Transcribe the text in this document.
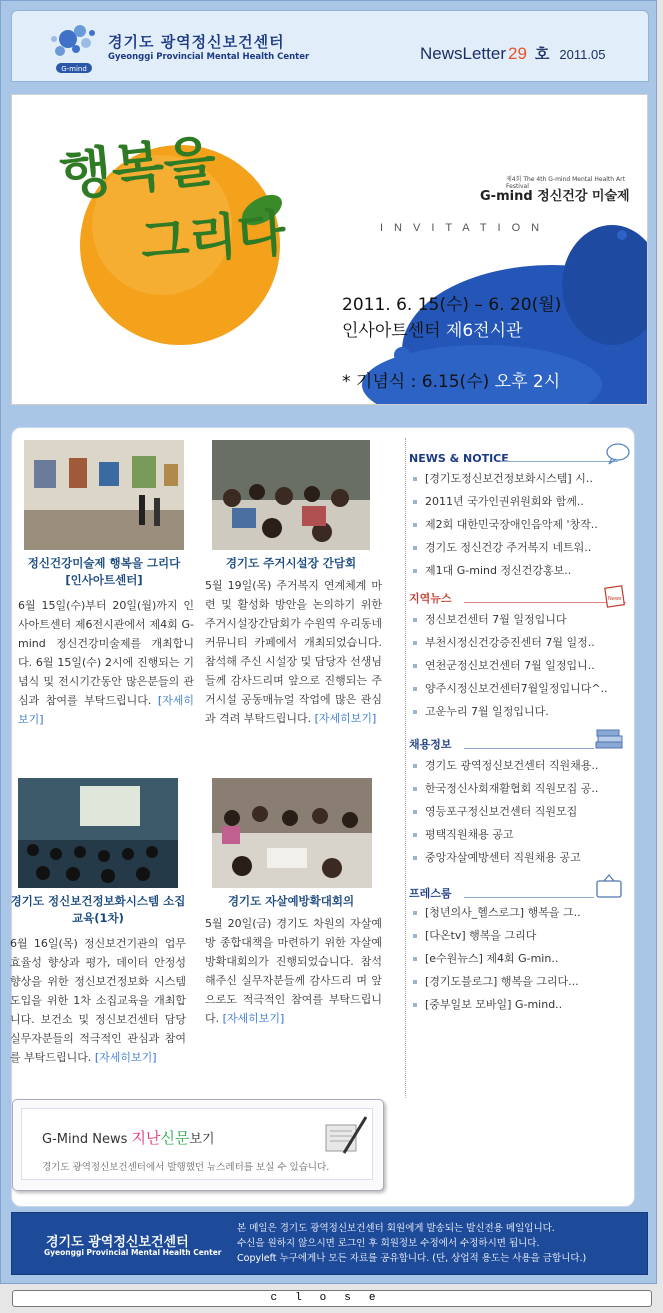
G-mind
경기도 광역정신보건센터
Gyeonggi Provincial Mental Health Center	NewsLetter 29 호 2011.05
행복을
그리다
제4회 The 4th G-mind Mental Health Art Festival
G-mind 정신건강 미술제
INVITATION
2011. 6. 15(수) – 6. 20(월)
인사아트센터 제6전시관
* 기념식 : 6.15(수) 오후 2시
정신건강미술제 행복을 그리다 [인사아트센터]
6월 15일(수)부터 20일(월)까지 인사아트센터 제6전시관에서 제4회 G-mind 정신건강미술제를 개최합니다. 6월 15일(수) 2시에 진행되는 기념식 및 전시기간동안 많은분들의 관심과 참여를 부탁드립니다. [자세히보기]
경기도 주거시설장 간담회
5월 19일(목) 주거복지 연계체계 마련 및 활성화 방안을 논의하기 위한 주거시설장간담회가 수원역 우리동네 커뮤니티 카페에서 개최되었습니다. 참석해 주신 시설장 및 담당자 선생님들께 감사드리며 앞으로 진행되는 주거시설 공동매뉴얼 작업에 많은 관심과 격려 부탁드립니다. [자세히보기]
경기도 정신보건정보화시스템 소집교육(1차)
6월 16일(목) 정신보건기관의 업무효율성 향상과 평가, 데이터 안정성 향상을 위한 정신보건정보화 시스템도입을 위한 1차 소집교육을 개최합니다. 보건소 및 정신보건센터 담당실무자분들의 적극적인 관심과 참여를 부탁드립니다. [자세히보기]
경기도 자살예방확대회의
5월 20일(금) 경기도 차원의 자살예방 종합대책을 마련하기 위한 자살예방확대회의가 진행되었습니다. 참석해주신 실무자분들께 감사드리 며 앞으로도 적극적인 참여를 부탁드립니다. [자세히보기]
NEWS & NOTICE
[경기도정신보건정보화시스템] 시..
2011년 국가인권위원회와 함께..
제2회 대한민국장애인음악제 '창작..
경기도 정신건강 주거복지 네트워..
제1대 G-mind 정신건강홍보..
지역뉴스	News
정신보건센터 7월 일정입니다
부천시정신건강증진센터 7월 일정..
연천군정신보건센터 7월 일정입니..
양주시정신보건센터7월일정입니다^..
고운누리 7월 일정입니다.
채용정보
경기도 광역정신보건센터 직원채용..
한국정신사회재활협회 직원모집 공..
영등포구정신보건센터 직원모집
평택직원채용 공고
중앙자살예방센터 직원채용 공고
프레스룸
[청년의사_헬스로그] 행복을 그..
[다온tv] 행복을 그리다
[e수원뉴스] 제4회 G-min..
[경기도블로그] 행복을 그리다...
[중부일보 모바일] G-mind..
G-Mind News 지난신문보기
경기도 광역정신보건센터에서 발행했던 뉴스레터를 보실 수 있습니다.
경기도 광역정신보건센터
Gyeonggi Provincial Mental Health Center
본 메일은 경기도 광역정신보건센터 회원에게 발송되는 발신전용 메일입니다.
수신을 원하지 않으시면 로그인 후 회원정보 수정에서 수정하시면 됩니다.
Copyleft 누구에게나 모든 자료를 공유합니다. (단, 상업적 용도는 사용을 금합니다.)
close
